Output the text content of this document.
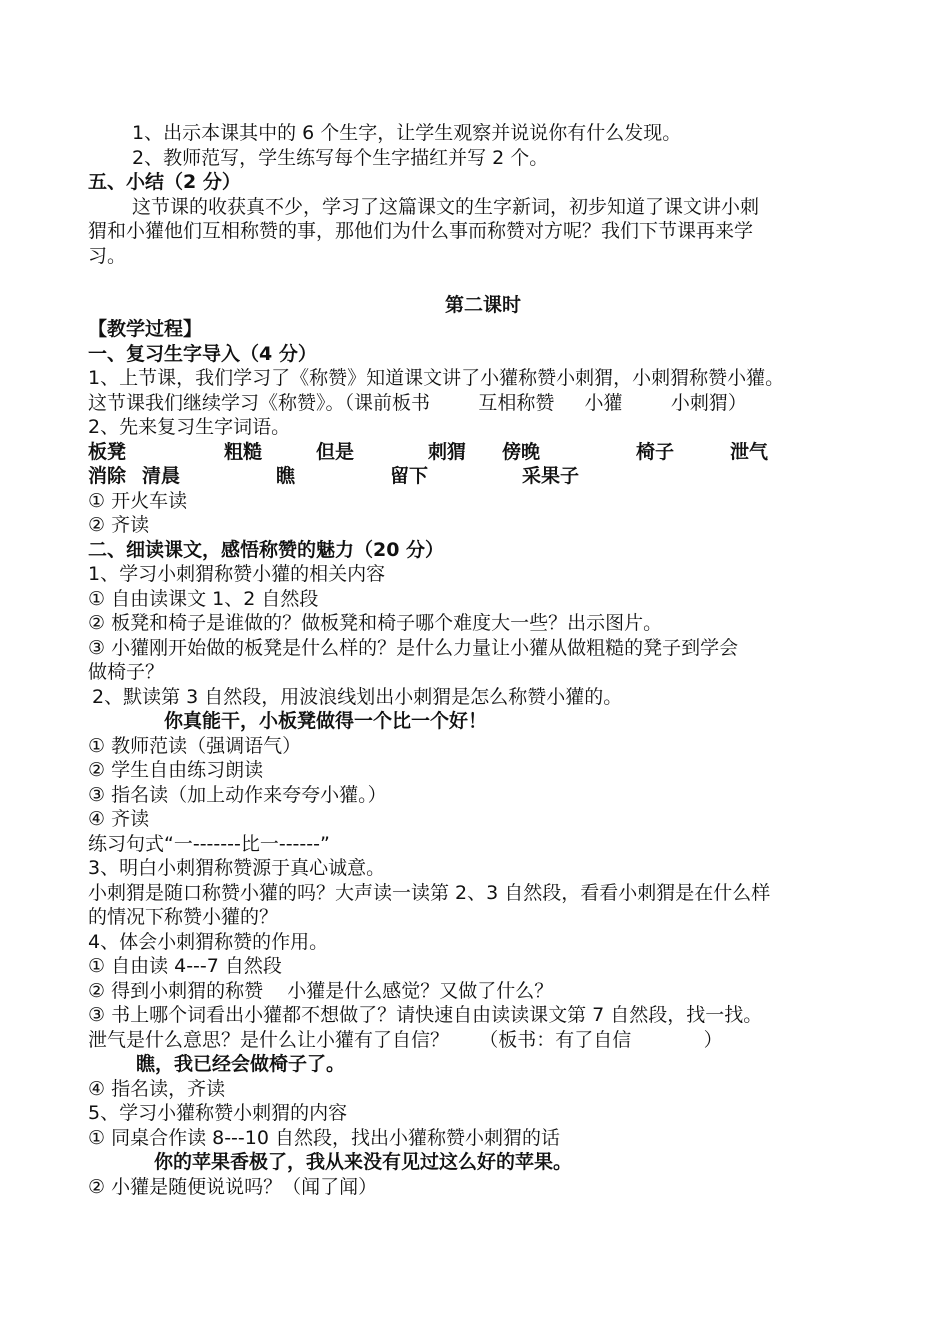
1、出示本课其中的 6 个生字，让学生观察并说说你有什么发现。
2、教师范写，学生练写每个生字描红并写 2 个。
五、小结（2 分）
这节课的收获真不少，学习了这篇课文的生字新词，初步知道了课文讲小刺
猬和小獾他们互相称赞的事，那他们为什么事而称赞对方呢？我们下节课再来学
习。
第二课时
【教学过程】
一、复习生字导入（4 分）
1、上节课，我们学习了《称赞》知道课文讲了小獾称赞小刺猬，小刺猬称赞小獾。
这节课我们继续学习《称赞》。（课前板书        互相称赞     小獾        小刺猬）
2、先来复习生字词语。
板凳	粗糙	但是	刺猬 傍晚	椅子	泄气
消除 清晨	瞧	留下	采果子
① 开火车读
② 齐读
二、细读课文，感悟称赞的魅力（20 分）
1、学习小刺猬称赞小獾的相关内容
① 自由读课文 1、2 自然段
② 板凳和椅子是谁做的？做板凳和椅子哪个难度大一些？出示图片。
③ 小獾刚开始做的板凳是什么样的？是什么力量让小獾从做粗糙的凳子到学会
做椅子？
2、默读第 3 自然段，用波浪线划出小刺猬是怎么称赞小獾的。
你真能干，小板凳做得一个比一个好！
① 教师范读（强调语气）
② 学生自由练习朗读
③ 指名读（加上动作来夸夸小獾。）
④ 齐读
练习句式“一-------比一------”
3、明白小刺猬称赞源于真心诚意。
小刺猬是随口称赞小獾的吗？大声读一读第 2、3 自然段，看看小刺猬是在什么样
的情况下称赞小獾的？
4、体会小刺猬称赞的作用。
① 自由读 4---7 自然段
② 得到小刺猬的称赞    小獾是什么感觉？又做了什么？
③ 书上哪个词看出小獾都不想做了？请快速自由读读课文第 7 自然段，找一找。
泄气是什么意思？是什么让小獾有了自信？     （板书：有了自信            ）
瞧，我已经会做椅子了。
④ 指名读，齐读
5、学习小獾称赞小刺猬的内容
① 同桌合作读 8---10 自然段，找出小獾称赞小刺猬的话
你的苹果香极了，我从来没有见过这么好的苹果。
② 小獾是随便说说吗？（闻了闻）
